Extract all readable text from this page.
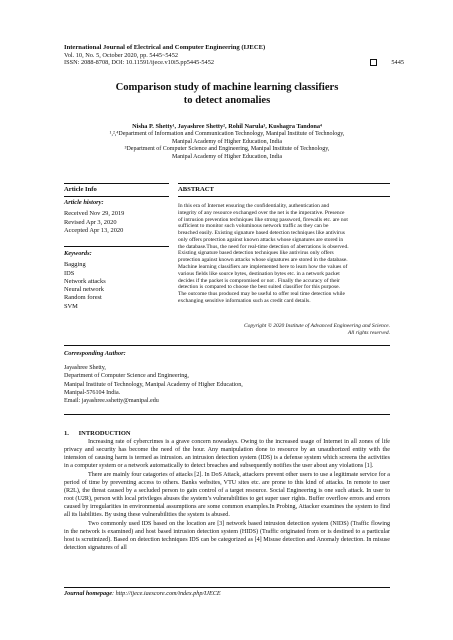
International Journal of Electrical and Computer Engineering (IJECE)
Vol. 10, No. 5, October 2020, pp. 5445~5452
ISSN: 2088-8708, DOI: 10.11591/ijece.v10i5.pp5445-5452	5445
Comparison study of machine learning classifiers
to detect anomalies
Nisha P. Shetty¹, Jayashree Shetty², Rohil Narula³, Kushagra Tandona⁴
¹,²,⁴Department of Information and Communication Technology, Manipal Institute of Technology,
Manipal Academy of Higher Education, India
³Department of Computer Science and Engineering, Manipal Institute of Technology,
Manipal Academy of Higher Education, India
Article Info	ABSTRACT
Article history:
Received Nov 29, 2019
Revised Apr 3, 2020
Accepted Apr 13, 2020
Keywords:
Bagging
IDS
Network attacks
Neural network
Random forest
SVM
In this era of Internet ensuring the confidentiality, authentication and
integrity of any resource exchanged over the net is the imperative. Presence
of intrusion prevention techniques like strong password, firewalls etc. are not
sufficient to monitor such voluminous network traffic as they can be
breached easily. Existing signature based detection techniques like antivirus
only offers protection against known attacks whose signatures are stored in
the database.Thus, the need for real-time detection of aberrations is observed.
Existing signature based detection techniques like antivirus only offers
protection against known attacks whose signatures are stored in the database.
Machine learning classifiers are implemented here to learn how the values of
various fields like source bytes, destination bytes etc. in a network packet
decides if the packet is compromised or not . Finally the accuracy of their
detection is compared to choose the best suited classifier for this purpose.
The outcome thus produced may be useful to offer real time detection while
exchanging sensitive information such as credit card details.
Copyright © 2020 Institute of Advanced Engineering and Science.
All rights reserved.
Corresponding Author:
Jayashree Shetty,
Department of Computer Science and Engineering,
Manipal Institute of Technology, Manipal Academy of Higher Education,
Manipal-576104 India.
Email: jayashree.sshetty@manipal.edu
1.      INTRODUCTION

Increasing rate of cybercrimes is a grave concern nowadays. Owing to the increased usage of Internet in all zones of life privacy and security has become the need of the hour. Any manipulation done to resource by an unauthorized entity with the intension of causing harm is termed as intrusion. an intrusion detection system (IDS) is a defense system which screens the activities in a computer system or a network automatically to detect breaches and subsequently notifies the user about any violations [1].

There are mainly four catagories of attacks [2]. In DoS Attack, attackers prevent other users to use a legitimate service for a period of time by preventing access to others. Banks websites, VTU sites etc. are prone to this kind of attacks. In remote to user (R2L), the threat caused by a secluded person to gain control of a target resource. Social Engineering is one such attack. In user to root (U2R), person with local privileges abuses the system’s vulnerabilities to get super user rights. Buffer overflow errors and errors caused by irregularities in environmental assumptions are some common examples.In Probing, Attacker examines the system to find all its liabilities. By using these vulnerabilities the system is abused.

Two commonly used IDS based on the location are [3] network based intrusion detection system (NIDS) (Traffic flowing in the network is examined) and host based intrusion detection system (HIDS) (Traffic originated from or is destined to a particular host is scrutinized). Based on detection techniques IDS can be categorized as [4] Misuse detection and Anomaly detection. In misuse detection signatures of all

Journal homepage: http://ijece.iaescore.com/index.php/IJECE
